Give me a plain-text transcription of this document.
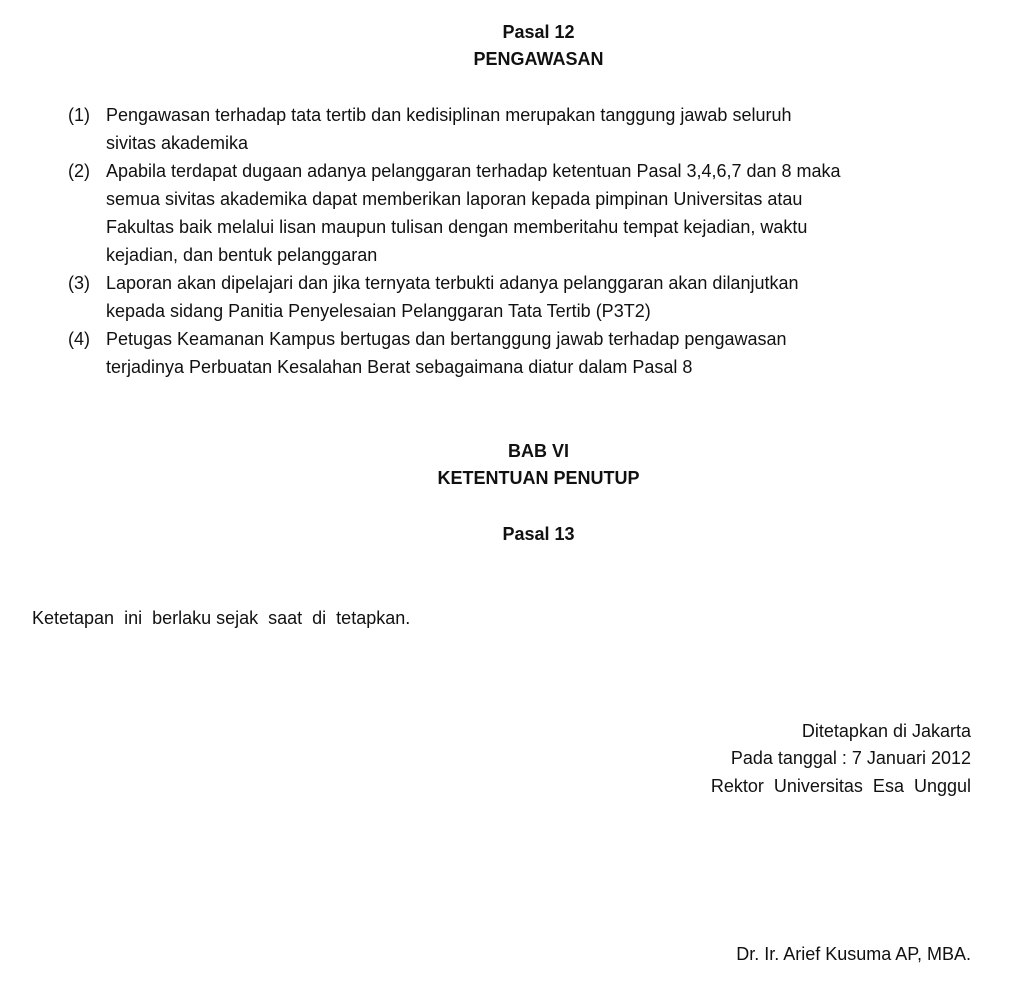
Pasal 12
PENGAWASAN
(1) Pengawasan terhadap tata tertib dan kedisiplinan merupakan tanggung jawab seluruh
sivitas akademika
(2) Apabila terdapat dugaan adanya pelanggaran terhadap ketentuan Pasal 3,4,6,7 dan 8 maka
semua sivitas akademika dapat memberikan laporan kepada pimpinan Universitas atau
Fakultas baik melalui lisan maupun tulisan dengan memberitahu tempat kejadian, waktu
kejadian, dan bentuk pelanggaran
(3) Laporan akan dipelajari dan jika ternyata terbukti adanya pelanggaran akan dilanjutkan
kepada sidang Panitia Penyelesaian Pelanggaran Tata Tertib (P3T2)
(4) Petugas Keamanan Kampus bertugas dan bertanggung jawab terhadap pengawasan
terjadinya Perbuatan Kesalahan Berat sebagaimana diatur dalam Pasal 8
BAB VI
KETENTUAN PENUTUP
Pasal 13
Ketetapan  ini  berlaku sejak  saat  di  tetapkan.
Ditetapkan di Jakarta
Pada tanggal : 7 Januari 2012
Rektor  Universitas  Esa  Unggul
Dr. Ir. Arief Kusuma AP, MBA.
